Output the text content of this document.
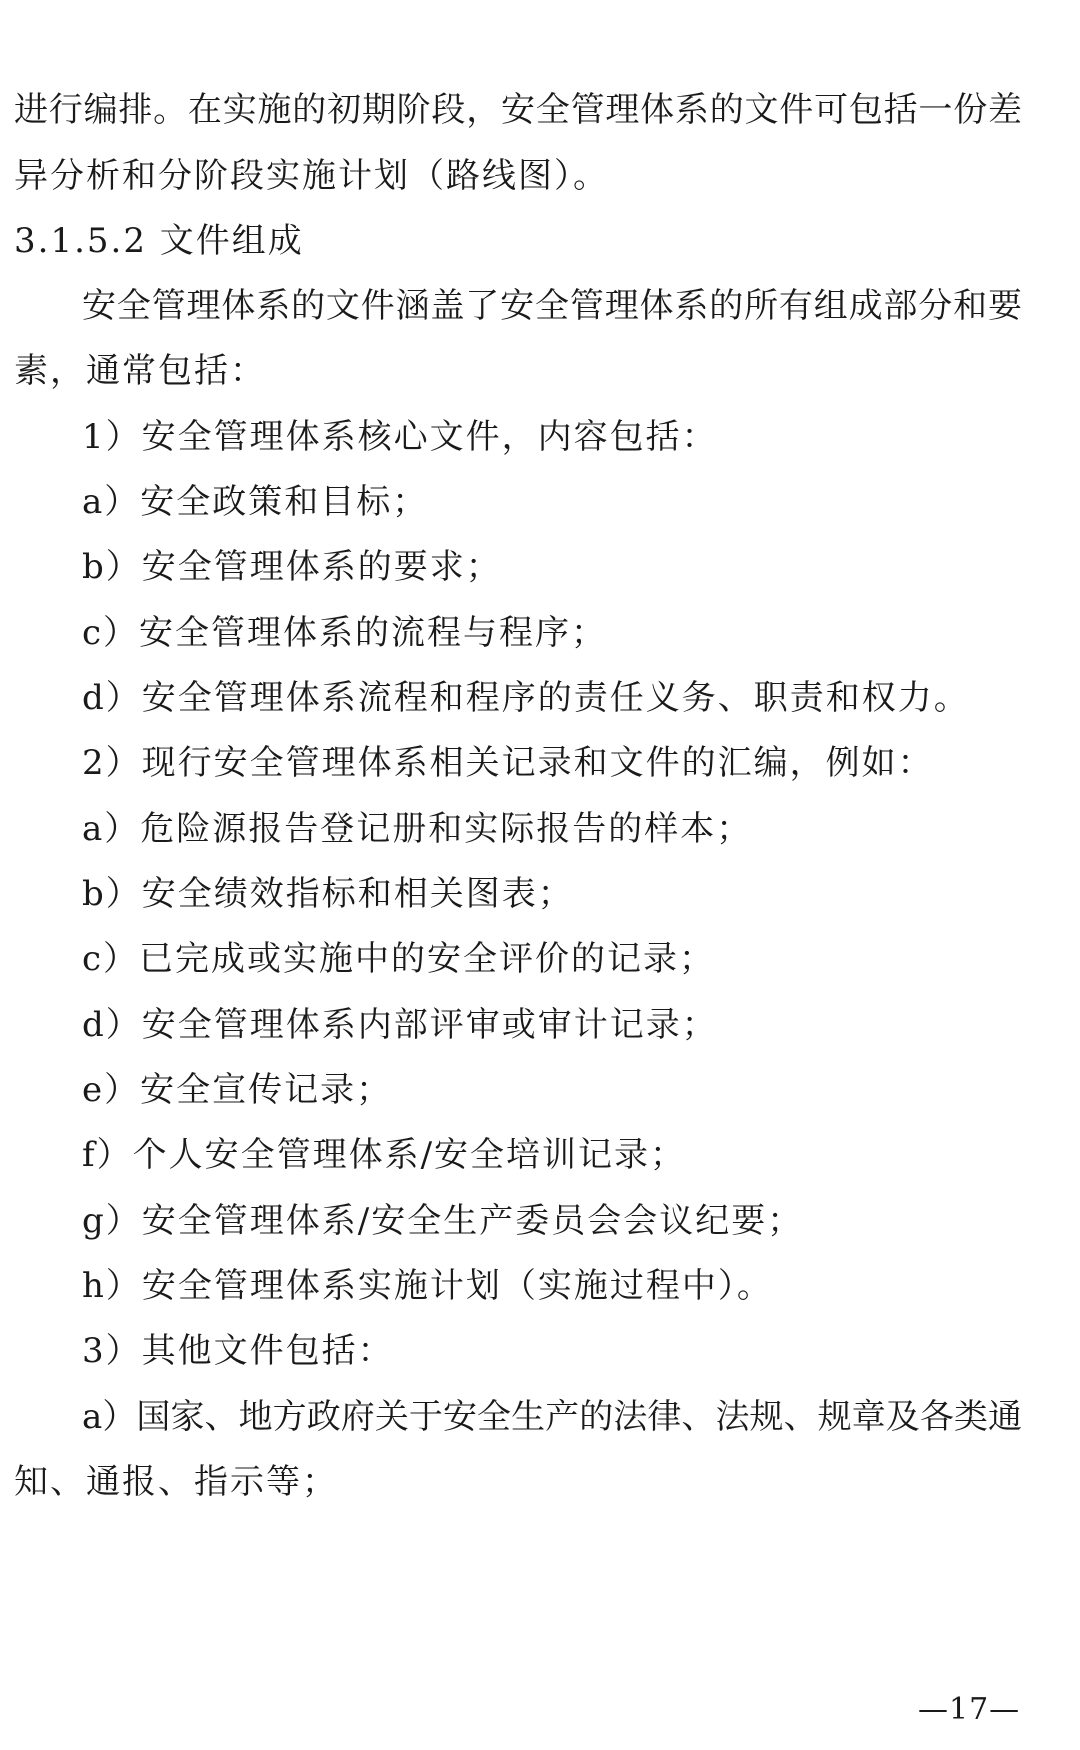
进行编排。在实施的初期阶段，安全管理体系的文件可包括一份差
异分析和分阶段实施计划（路线图）。
3.1.5.2 文件组成
安全管理体系的文件涵盖了安全管理体系的所有组成部分和要
素，通常包括：
1）安全管理体系核心文件，内容包括：
a）安全政策和目标；
b）安全管理体系的要求；
c）安全管理体系的流程与程序；
d）安全管理体系流程和程序的责任义务、职责和权力。
2）现行安全管理体系相关记录和文件的汇编，例如：
a）危险源报告登记册和实际报告的样本；
b）安全绩效指标和相关图表；
c）已完成或实施中的安全评价的记录；
d）安全管理体系内部评审或审计记录；
e）安全宣传记录；
f）个人安全管理体系/安全培训记录；
g）安全管理体系/安全生产委员会会议纪要；
h）安全管理体系实施计划（实施过程中）。
3）其他文件包括：
a）国家、地方政府关于安全生产的法律、法规、规章及各类通
知、通报、指示等；
—17—
